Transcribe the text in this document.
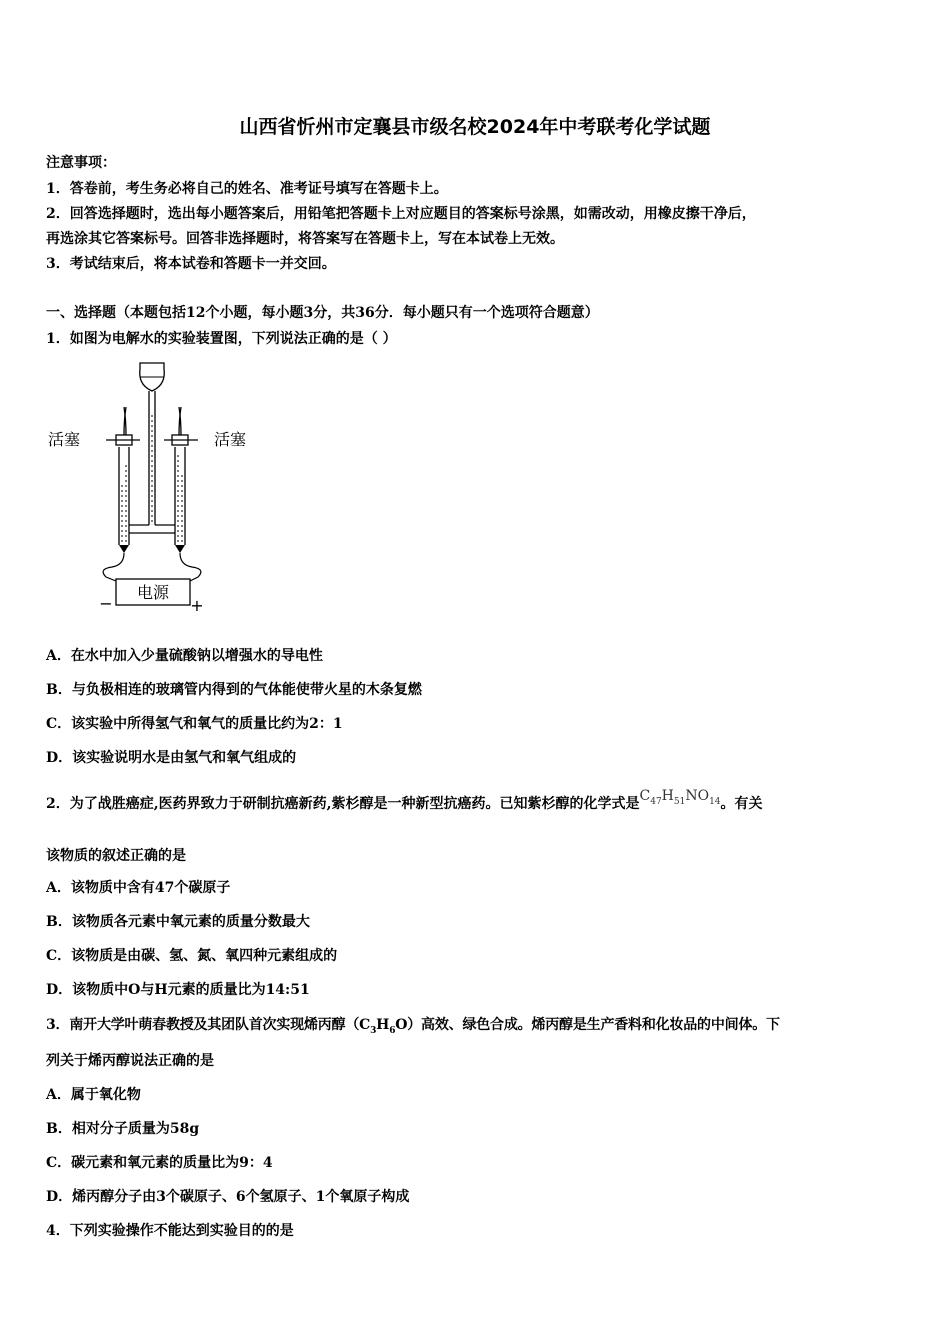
山西省忻州市定襄县市级名校2024年中考联考化学试题
注意事项：
1．答卷前，考生务必将自己的姓名、准考证号填写在答题卡上。
2．回答选择题时，选出每小题答案后，用铅笔把答题卡上对应题目的答案标号涂黑，如需改动，用橡皮擦干净后，
再选涂其它答案标号。回答非选择题时，将答案写在答题卡上，写在本试卷上无效。
3．考试结束后，将本试卷和答题卡一并交回。
一、选择题（本题包括12个小题，每小题3分，共36分．每小题只有一个选项符合题意）
1．如图为电解水的实验装置图，下列说法正确的是（ ）
电源
−	+
活塞	活塞
A．在水中加入少量硫酸钠以增强水的导电性
B．与负极相连的玻璃管内得到的气体能使带火星的木条复燃
C．该实验中所得氢气和氧气的质量比约为2：1
D．该实验说明水是由氢气和氧气组成的
2．为了战胜癌症,医药界致力于研制抗癌新药,紫杉醇是一种新型抗癌药。已知紫杉醇的化学式是$C_{47}H_{51}NO_{14}$。有关
该物质的叙述正确的是
A．该物质中含有47个碳原子
B．该物质各元素中氧元素的质量分数最大
C．该物质是由碳、氢、氮、氧四种元素组成的
D．该物质中O与H元素的质量比为14:51
3．南开大学叶萌春教授及其团队首次实现烯丙醇$(C_3H_6O)$高效、绿色合成。烯丙醇是生产香料和化妆品的中间体。下
列关于烯丙醇说法正确的是
A．属于氧化物
B．相对分子质量为58g
C．碳元素和氧元素的质量比为9：4
D．烯丙醇分子由3个碳原子、6个氢原子、1个氧原子构成
4．下列实验操作不能达到实验目的的是
